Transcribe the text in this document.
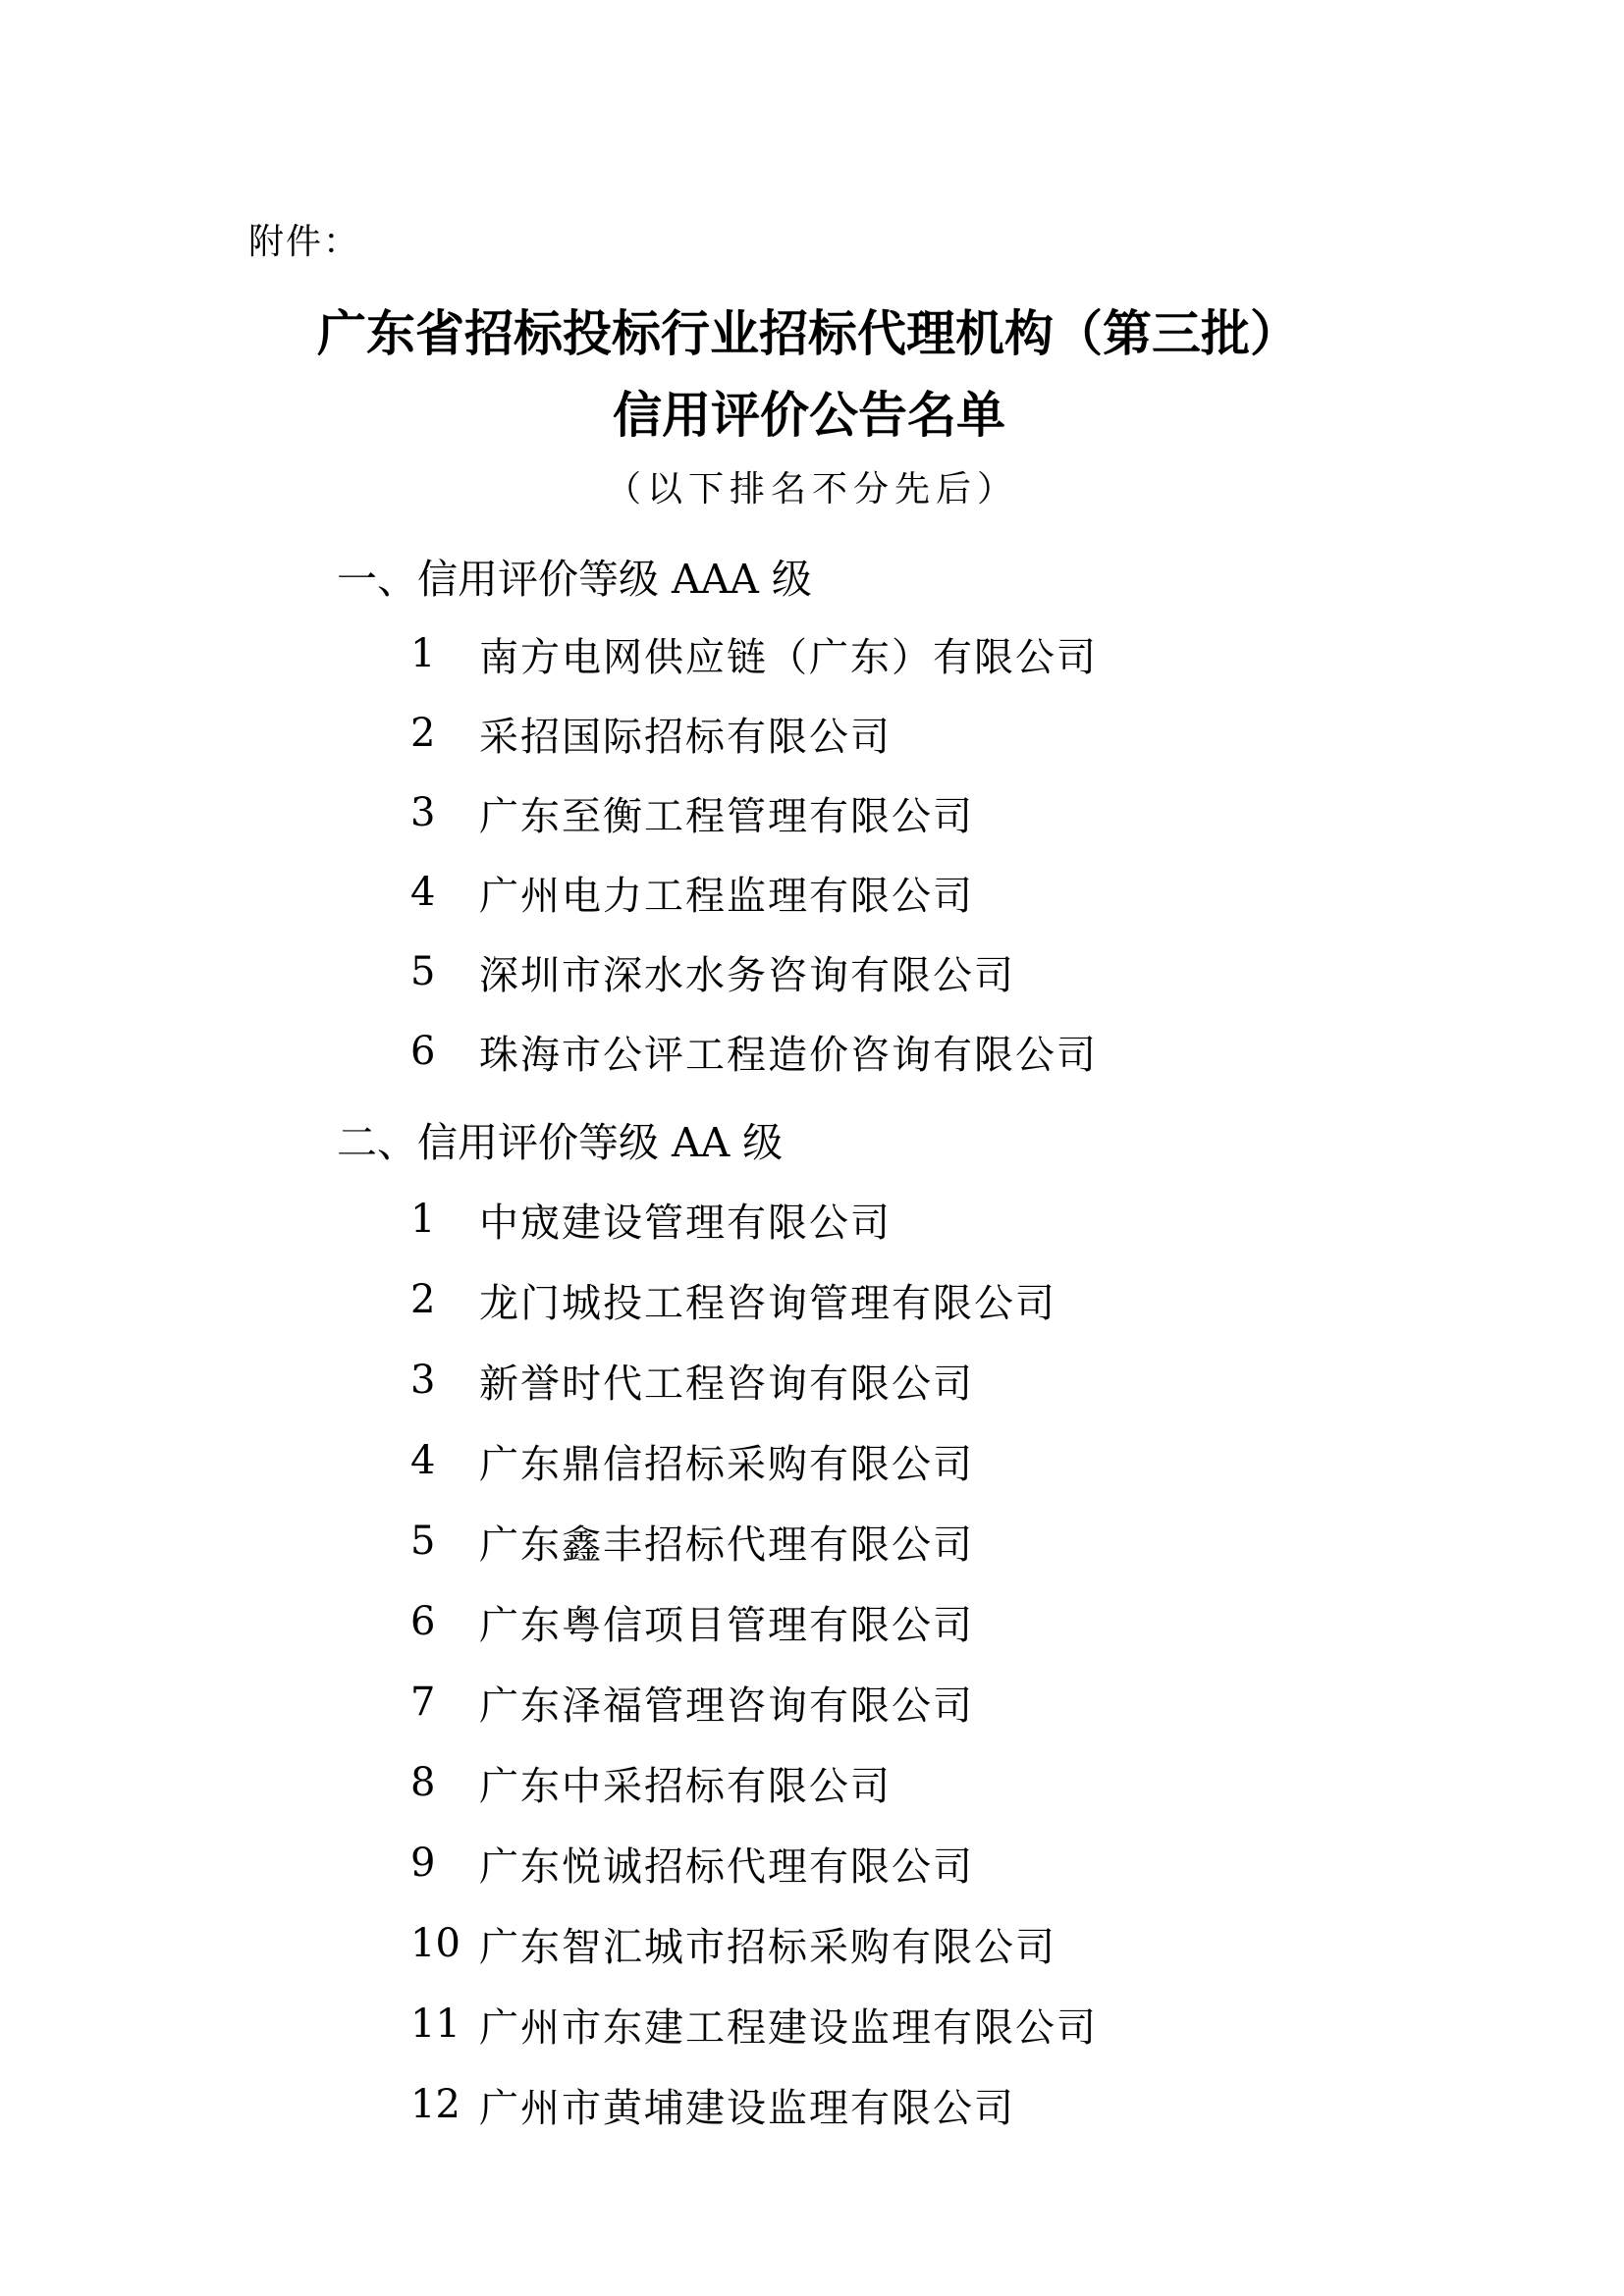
附件：
广东省招标投标行业招标代理机构（第三批）
信用评价公告名单
（以下排名不分先后）
一、信用评价等级 AAA 级
1	南方电网供应链（广东）有限公司
2	采招国际招标有限公司
3	广东至衡工程管理有限公司
4	广州电力工程监理有限公司
5	深圳市深水水务咨询有限公司
6	珠海市公评工程造价咨询有限公司
二、信用评价等级 AA 级
1	中宬建设管理有限公司
2	龙门城投工程咨询管理有限公司
3	新誉时代工程咨询有限公司
4	广东鼎信招标采购有限公司
5	广东鑫丰招标代理有限公司
6	广东粤信项目管理有限公司
7	广东泽福管理咨询有限公司
8	广东中采招标有限公司
9	广东悦诚招标代理有限公司
10 广东智汇城市招标采购有限公司
11 广州市东建工程建设监理有限公司
12 广州市黄埔建设监理有限公司
